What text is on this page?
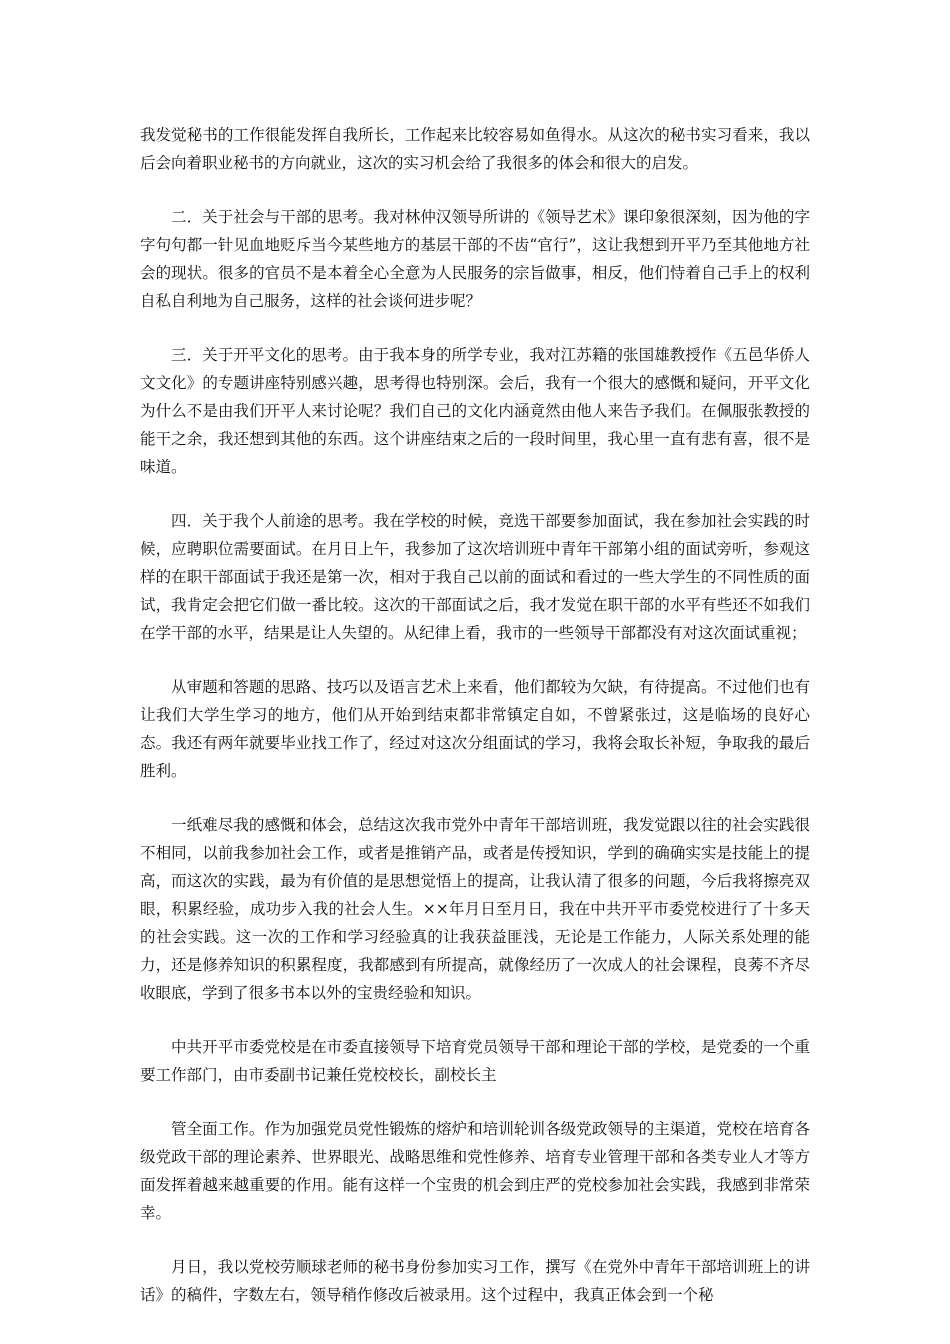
我发觉秘书的工作很能发挥自我所长，工作起来比较容易如鱼得水。从这次的秘书实习看来，我以后会向着职业秘书的方向就业，这次的实习机会给了我很多的体会和很大的启发。

二．关于社会与干部的思考。我对林仲汉领导所讲的《领导艺术》课印象很深刻，因为他的字字句句都一针见血地贬斥当今某些地方的基层干部的不齿“官行”，这让我想到开平乃至其他地方社会的现状。很多的官员不是本着全心全意为人民服务的宗旨做事，相反，他们恃着自己手上的权利自私自利地为自己服务，这样的社会谈何进步呢？

三．关于开平文化的思考。由于我本身的所学专业，我对江苏籍的张国雄教授作《五邑华侨人文文化》的专题讲座特别感兴趣，思考得也特别深。会后，我有一个很大的感慨和疑问，开平文化为什么不是由我们开平人来讨论呢？我们自己的文化内涵竟然由他人来告予我们。在佩服张教授的能干之余，我还想到其他的东西。这个讲座结束之后的一段时间里，我心里一直有悲有喜，很不是味道。

四．关于我个人前途的思考。我在学校的时候，竞选干部要参加面试，我在参加社会实践的时候，应聘职位需要面试。在月日上午，我参加了这次培训班中青年干部第小组的面试旁听，参观这样的在职干部面试于我还是第一次，相对于我自己以前的面试和看过的一些大学生的不同性质的面试，我肯定会把它们做一番比较。这次的干部面试之后，我才发觉在职干部的水平有些还不如我们在学干部的水平，结果是让人失望的。从纪律上看，我市的一些领导干部都没有对这次面试重视；

从审题和答题的思路、技巧以及语言艺术上来看，他们都较为欠缺，有待提高。不过他们也有让我们大学生学习的地方，他们从开始到结束都非常镇定自如，不曾紧张过，这是临场的良好心态。我还有两年就要毕业找工作了，经过对这次分组面试的学习，我将会取长补短，争取我的最后胜利。

一纸难尽我的感慨和体会，总结这次我市党外中青年干部培训班，我发觉跟以往的社会实践很不相同，以前我参加社会工作，或者是推销产品，或者是传授知识，学到的确确实实是技能上的提高，而这次的实践，最为有价值的是思想觉悟上的提高，让我认清了很多的问题，今后我将擦亮双眼，积累经验，成功步入我的社会人生。××年月日至月日，我在中共开平市委党校进行了十多天的社会实践。这一次的工作和学习经验真的让我获益匪浅，无论是工作能力，人际关系处理的能力，还是修养知识的积累程度，我都感到有所提高，就像经历了一次成人的社会课程，良莠不齐尽收眼底，学到了很多书本以外的宝贵经验和知识。

中共开平市委党校是在市委直接领导下培育党员领导干部和理论干部的学校，是党委的一个重要工作部门，由市委副书记兼任党校校长，副校长主

管全面工作。作为加强党员党性锻炼的熔炉和培训轮训各级党政领导的主渠道，党校在培育各级党政干部的理论素养、世界眼光、战略思维和党性修养、培育专业管理干部和各类专业人才等方面发挥着越来越重要的作用。能有这样一个宝贵的机会到庄严的党校参加社会实践，我感到非常荣幸。

月日，我以党校劳顺球老师的秘书身份参加实习工作，撰写《在党外中青年干部培训班上的讲话》的稿件，字数左右，领导稍作修改后被录用。这个过程中，我真正体会到一个秘
